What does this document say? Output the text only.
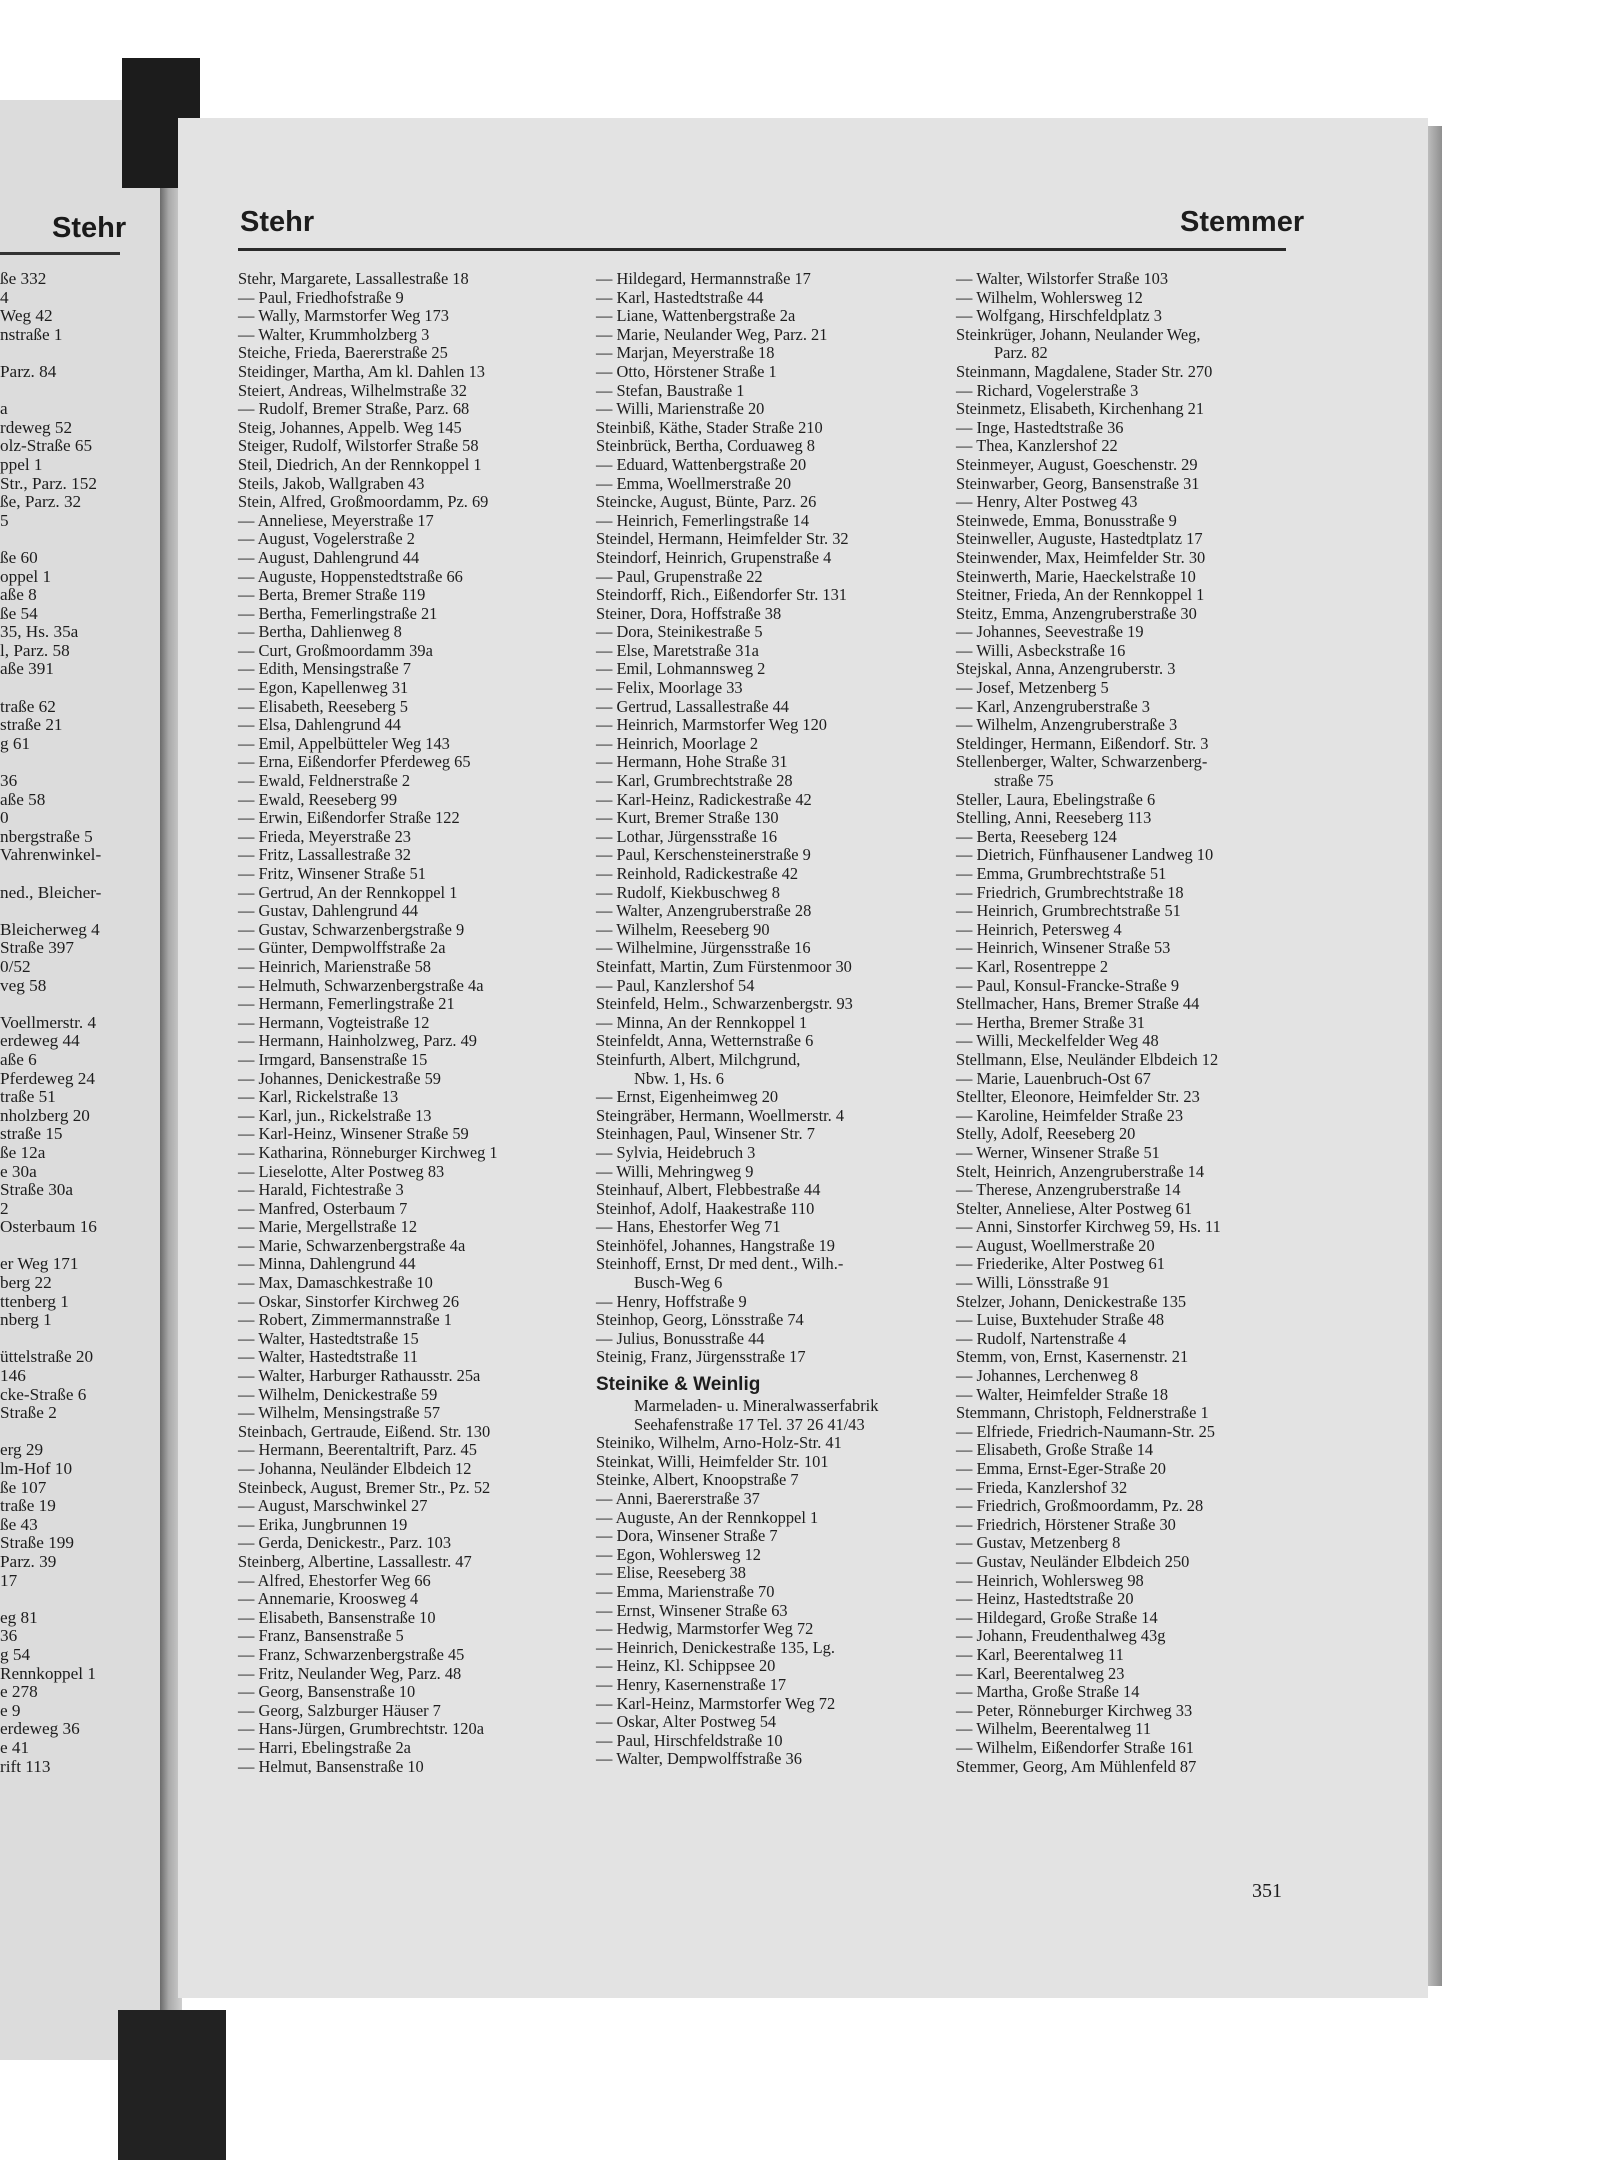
Stehr
ße 332
4
Weg 42
nstraße 1
Parz. 84
a
rdeweg 52
olz-Straße 65
ppel 1
Str., Parz. 152
ße, Parz. 32
5
ße 60
oppel 1
aße 8
ße 54
35, Hs. 35a
l, Parz. 58
aße 391
traße 62
straße 21
g 61
36
aße 58
0
nbergstraße 5
Vahrenwinkel-
ned., Bleicher-
Bleicherweg 4
Straße 397
0/52
veg 58
Voellmerstr. 4
erdeweg 44
aße 6
Pferdeweg 24
traße 51
nholzberg 20
straße 15
ße 12a
e 30a
Straße 30a
2
Osterbaum 16
er Weg 171
berg 22
ttenberg 1
nberg 1
üttelstraße 20
146
cke-Straße 6
Straße 2
erg 29
lm-Hof 10
ße 107
traße 19
ße 43
Straße 199
Parz. 39
17
eg 81
36
g 54
Rennkoppel 1
e 278
e 9
erdeweg 36
e 41
rift 113
Stehr	Stemmer
Stehr, Margarete, Lassallestraße 18
— Paul, Friedhofstraße 9
— Wally, Marmstorfer Weg 173
— Walter, Krummholzberg 3
Steiche, Frieda, Baererstraße 25
Steidinger, Martha, Am kl. Dahlen 13
Steiert, Andreas, Wilhelmstraße 32
— Rudolf, Bremer Straße, Parz. 68
Steig, Johannes, Appelb. Weg 145
Steiger, Rudolf, Wilstorfer Straße 58
Steil, Diedrich, An der Rennkoppel 1
Steils, Jakob, Wallgraben 43
Stein, Alfred, Großmoordamm, Pz. 69
— Anneliese, Meyerstraße 17
— August, Vogelerstraße 2
— August, Dahlengrund 44
— Auguste, Hoppenstedtstraße 66
— Berta, Bremer Straße 119
— Bertha, Femerlingstraße 21
— Bertha, Dahlienweg 8
— Curt, Großmoordamm 39a
— Edith, Mensingstraße 7
— Egon, Kapellenweg 31
— Elisabeth, Reeseberg 5
— Elsa, Dahlengrund 44
— Emil, Appelbütteler Weg 143
— Erna, Eißendorfer Pferdeweg 65
— Ewald, Feldnerstraße 2
— Ewald, Reeseberg 99
— Erwin, Eißendorfer Straße 122
— Frieda, Meyerstraße 23
— Fritz, Lassallestraße 32
— Fritz, Winsener Straße 51
— Gertrud, An der Rennkoppel 1
— Gustav, Dahlengrund 44
— Gustav, Schwarzenbergstraße 9
— Günter, Dempwolffstraße 2a
— Heinrich, Marienstraße 58
— Helmuth, Schwarzenbergstraße 4a
— Hermann, Femerlingstraße 21
— Hermann, Vogteistraße 12
— Hermann, Hainholzweg, Parz. 49
— Irmgard, Bansenstraße 15
— Johannes, Denickestraße 59
— Karl, Rickelstraße 13
— Karl, jun., Rickelstraße 13
— Karl-Heinz, Winsener Straße 59
— Katharina, Rönneburger Kirchweg 1
— Lieselotte, Alter Postweg 83
— Harald, Fichtestraße 3
— Manfred, Osterbaum 7
— Marie, Mergellstraße 12
— Marie, Schwarzenbergstraße 4a
— Minna, Dahlengrund 44
— Max, Damaschkestraße 10
— Oskar, Sinstorfer Kirchweg 26
— Robert, Zimmermannstraße 1
— Walter, Hastedtstraße 15
— Walter, Hastedtstraße 11
— Walter, Harburger Rathausstr. 25a
— Wilhelm, Denickestraße 59
— Wilhelm, Mensingstraße 57
Steinbach, Gertraude, Eißend. Str. 130
— Hermann, Beerentaltrift, Parz. 45
— Johanna, Neuländer Elbdeich 12
Steinbeck, August, Bremer Str., Pz. 52
— August, Marschwinkel 27
— Erika, Jungbrunnen 19
— Gerda, Denickestr., Parz. 103
Steinberg, Albertine, Lassallestr. 47
— Alfred, Ehestorfer Weg 66
— Annemarie, Kroosweg 4
— Elisabeth, Bansenstraße 10
— Franz, Bansenstraße 5
— Franz, Schwarzenbergstraße 45
— Fritz, Neulander Weg, Parz. 48
— Georg, Bansenstraße 10
— Georg, Salzburger Häuser 7
— Hans-Jürgen, Grumbrechtstr. 120a
— Harri, Ebelingstraße 2a
— Helmut, Bansenstraße 10
— Hildegard, Hermannstraße 17
— Karl, Hastedtstraße 44
— Liane, Wattenbergstraße 2a
— Marie, Neulander Weg, Parz. 21
— Marjan, Meyerstraße 18
— Otto, Hörstener Straße 1
— Stefan, Baustraße 1
— Willi, Marienstraße 20
Steinbiß, Käthe, Stader Straße 210
Steinbrück, Bertha, Corduaweg 8
— Eduard, Wattenbergstraße 20
— Emma, Woellmerstraße 20
Steincke, August, Bünte, Parz. 26
— Heinrich, Femerlingstraße 14
Steindel, Hermann, Heimfelder Str. 32
Steindorf, Heinrich, Grupenstraße 4
— Paul, Grupenstraße 22
Steindorff, Rich., Eißendorfer Str. 131
Steiner, Dora, Hoffstraße 38
— Dora, Steinikestraße 5
— Else, Maretstraße 31a
— Emil, Lohmannsweg 2
— Felix, Moorlage 33
— Gertrud, Lassallestraße 44
— Heinrich, Marmstorfer Weg 120
— Heinrich, Moorlage 2
— Hermann, Hohe Straße 31
— Karl, Grumbrechtstraße 28
— Karl-Heinz, Radickestraße 42
— Kurt, Bremer Straße 130
— Lothar, Jürgensstraße 16
— Paul, Kerschensteinerstraße 9
— Reinhold, Radickestraße 42
— Rudolf, Kiekbuschweg 8
— Walter, Anzengruberstraße 28
— Wilhelm, Reeseberg 90
— Wilhelmine, Jürgensstraße 16
Steinfatt, Martin, Zum Fürstenmoor 30
— Paul, Kanzlershof 54
Steinfeld, Helm., Schwarzenbergstr. 93
— Minna, An der Rennkoppel 1
Steinfeldt, Anna, Wetternstraße 6
Steinfurth, Albert, Milchgrund,
Nbw. 1, Hs. 6
— Ernst, Eigenheimweg 20
Steingräber, Hermann, Woellmerstr. 4
Steinhagen, Paul, Winsener Str. 7
— Sylvia, Heidebruch 3
— Willi, Mehringweg 9
Steinhauf, Albert, Flebbestraße 44
Steinhof, Adolf, Haakestraße 110
— Hans, Ehestorfer Weg 71
Steinhöfel, Johannes, Hangstraße 19
Steinhoff, Ernst, Dr med dent., Wilh.-
Busch-Weg 6
— Henry, Hoffstraße 9
Steinhop, Georg, Lönsstraße 74
— Julius, Bonusstraße 44
Steinig, Franz, Jürgensstraße 17
Steinike & Weinlig
Marmeladen- u. Mineralwasserfabrik
Seehafenstraße 17 Tel. 37 26 41/43
Steiniko, Wilhelm, Arno-Holz-Str. 41
Steinkat, Willi, Heimfelder Str. 101
Steinke, Albert, Knoopstraße 7
— Anni, Baererstraße 37
— Auguste, An der Rennkoppel 1
— Dora, Winsener Straße 7
— Egon, Wohlersweg 12
— Elise, Reeseberg 38
— Emma, Marienstraße 70
— Ernst, Winsener Straße 63
— Hedwig, Marmstorfer Weg 72
— Heinrich, Denickestraße 135, Lg.
— Heinz, Kl. Schippsee 20
— Henry, Kasernenstraße 17
— Karl-Heinz, Marmstorfer Weg 72
— Oskar, Alter Postweg 54
— Paul, Hirschfeldstraße 10
— Walter, Dempwolffstraße 36
— Walter, Wilstorfer Straße 103
— Wilhelm, Wohlersweg 12
— Wolfgang, Hirschfeldplatz 3
Steinkrüger, Johann, Neulander Weg,
Parz. 82
Steinmann, Magdalene, Stader Str. 270
— Richard, Vogelerstraße 3
Steinmetz, Elisabeth, Kirchenhang 21
— Inge, Hastedtstraße 36
— Thea, Kanzlershof 22
Steinmeyer, August, Goeschenstr. 29
Steinwarber, Georg, Bansenstraße 31
— Henry, Alter Postweg 43
Steinwede, Emma, Bonusstraße 9
Steinweller, Auguste, Hastedtplatz 17
Steinwender, Max, Heimfelder Str. 30
Steinwerth, Marie, Haeckelstraße 10
Steitner, Frieda, An der Rennkoppel 1
Steitz, Emma, Anzengruberstraße 30
— Johannes, Seevestraße 19
— Willi, Asbeckstraße 16
Stejskal, Anna, Anzengruberstr. 3
— Josef, Metzenberg 5
— Karl, Anzengruberstraße 3
— Wilhelm, Anzengruberstraße 3
Steldinger, Hermann, Eißendorf. Str. 3
Stellenberger, Walter, Schwarzenberg-
straße 75
Steller, Laura, Ebelingstraße 6
Stelling, Anni, Reeseberg 113
— Berta, Reeseberg 124
— Dietrich, Fünfhausener Landweg 10
— Emma, Grumbrechtstraße 51
— Friedrich, Grumbrechtstraße 18
— Heinrich, Grumbrechtstraße 51
— Heinrich, Petersweg 4
— Heinrich, Winsener Straße 53
— Karl, Rosentreppe 2
— Paul, Konsul-Francke-Straße 9
Stellmacher, Hans, Bremer Straße 44
— Hertha, Bremer Straße 31
— Willi, Meckelfelder Weg 48
Stellmann, Else, Neuländer Elbdeich 12
— Marie, Lauenbruch-Ost 67
Stellter, Eleonore, Heimfelder Str. 23
— Karoline, Heimfelder Straße 23
Stelly, Adolf, Reeseberg 20
— Werner, Winsener Straße 51
Stelt, Heinrich, Anzengruberstraße 14
— Therese, Anzengruberstraße 14
Stelter, Anneliese, Alter Postweg 61
— Anni, Sinstorfer Kirchweg 59, Hs. 11
— August, Woellmerstraße 20
— Friederike, Alter Postweg 61
— Willi, Lönsstraße 91
Stelzer, Johann, Denickestraße 135
— Luise, Buxtehuder Straße 48
— Rudolf, Nartenstraße 4
Stemm, von, Ernst, Kasernenstr. 21
— Johannes, Lerchenweg 8
— Walter, Heimfelder Straße 18
Stemmann, Christoph, Feldnerstraße 1
— Elfriede, Friedrich-Naumann-Str. 25
— Elisabeth, Große Straße 14
— Emma, Ernst-Eger-Straße 20
— Frieda, Kanzlershof 32
— Friedrich, Großmoordamm, Pz. 28
— Friedrich, Hörstener Straße 30
— Gustav, Metzenberg 8
— Gustav, Neuländer Elbdeich 250
— Heinrich, Wohlersweg 98
— Heinz, Hastedtstraße 20
— Hildegard, Große Straße 14
— Johann, Freudenthalweg 43g
— Karl, Beerentalweg 11
— Karl, Beerentalweg 23
— Martha, Große Straße 14
— Peter, Rönneburger Kirchweg 33
— Wilhelm, Beerentalweg 11
— Wilhelm, Eißendorfer Straße 161
Stemmer, Georg, Am Mühlenfeld 87
351
